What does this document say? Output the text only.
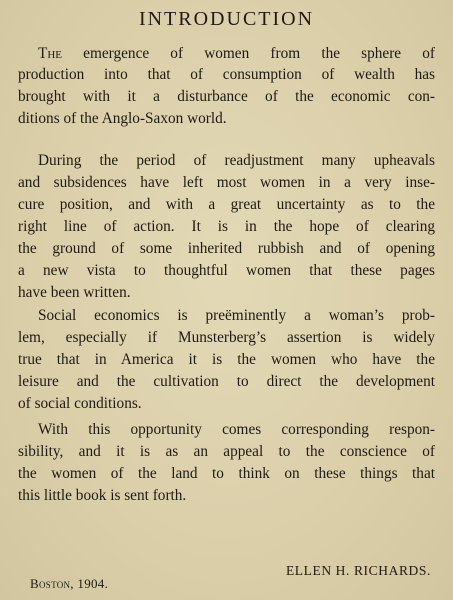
INTRODUCTION
The emergence of women from the sphere of
production into that of consumption of wealth has
brought with it a disturbance of the economic con-
ditions of the Anglo-Saxon world.
During the period of readjustment many upheavals
and subsidences have left most women in a very inse-
cure position, and with a great uncertainty as to the
right line of action. It is in the hope of clearing
the ground of some inherited rubbish and of opening
a new vista to thoughtful women that these pages
have been written.
Social economics is preëminently a woman’s prob-
lem, especially if Munsterberg’s assertion is widely
true that in America it is the women who have the
leisure and the cultivation to direct the development
of social conditions.
With this opportunity comes corresponding respon-
sibility, and it is as an appeal to the conscience of
the women of the land to think on these things that
this little book is sent forth.
ELLEN H. RICHARDS.
Boston, 1904.
